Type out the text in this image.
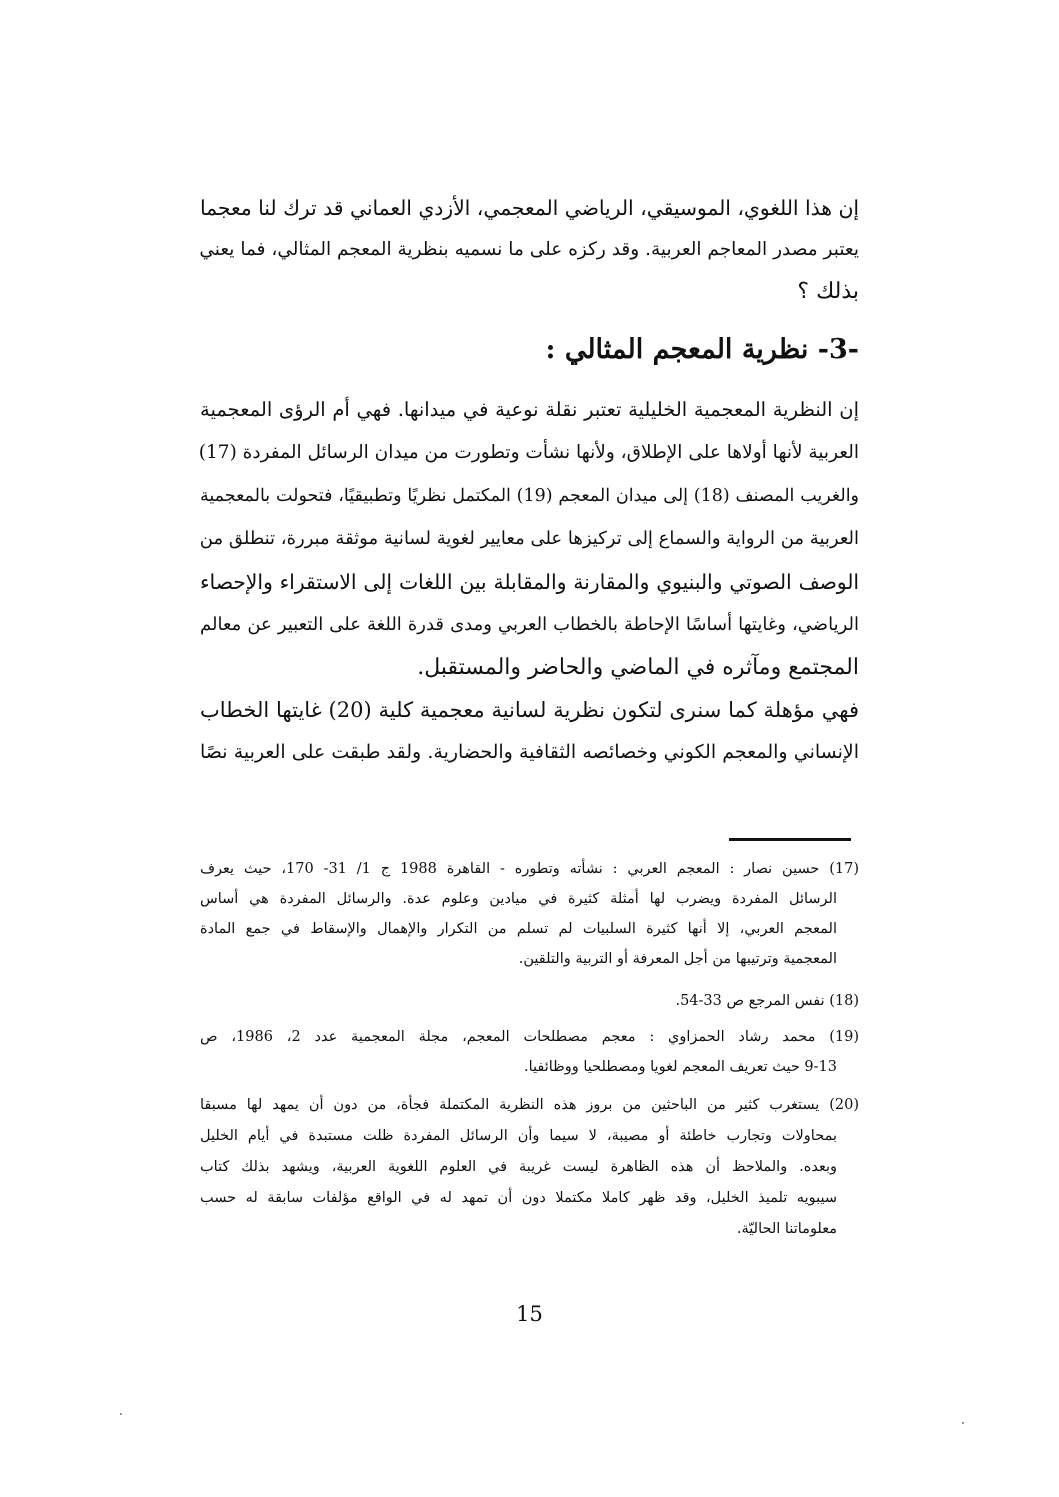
إن هذا اللغوي، الموسيقي، الرياضي المعجمي، الأزدي العماني قد ترك لنا معجما
يعتبر مصدر المعاجم العربية. وقد ركزه على ما نسميه بنظرية المعجم المثالي، فما يعني
بذلك ؟
-3- نظرية المعجم المثالي :
إن النظرية المعجمية الخليلية تعتبر نقلة نوعية في ميدانها. فهي أم الرؤى المعجمية
العربية لأنها أولاها على الإطلاق، ولأنها نشأت وتطورت من ميدان الرسائل المفردة (17)
والغريب المصنف (18) إلى ميدان المعجم (19) المكتمل نظريًا وتطبيقيًا، فتحولت بالمعجمية
العربية من الرواية والسماع إلى تركيزها على معايير لغوية لسانية موثقة مبررة، تنطلق من
الوصف الصوتي والبنيوي والمقارنة والمقابلة بين اللغات إلى الاستقراء والإحصاء
الرياضي، وغايتها أساسًا الإحاطة بالخطاب العربي ومدى قدرة اللغة على التعبير عن معالم
المجتمع ومآثره في الماضي والحاضر والمستقبل.
فهي مؤهلة كما سنرى لتكون نظرية لسانية معجمية كلية (20) غايتها الخطاب
الإنساني والمعجم الكوني وخصائصه الثقافية والحضارية. ولقد طبقت على العربية نصًا
(17) حسين نصار : المعجم العربي : نشأته وتطوره - القاهرة 1988 ج 1/ 31- 170، حيث يعرف
الرسائل المفردة ويضرب لها أمثلة كثيرة في ميادين وعلوم عدة. والرسائل المفردة هي أساس
المعجم العربي، إلا أنها كثيرة السلبيات لم تسلم من التكرار والإهمال والإسقاط في جمع المادة
المعجمية وترتيبها من أجل المعرفة أو التربية والتلقين.
(18) نفس المرجع ص 33-54.
(19) محمد رشاد الحمزاوي : معجم مصطلحات المعجم، مجلة المعجمية عدد 2، 1986، ص
9-13 حيث تعريف المعجم لغويا ومصطلحيا ووظائفيا.
(20) يستغرب كثير من الباحثين من بروز هذه النظرية المكتملة فجأة، من دون أن يمهد لها مسبقا
بمحاولات وتجارب خاطئة أو مصيبة، لا سيما وأن الرسائل المفردة ظلت مستبدة في أيام الخليل
وبعده. والملاحظ أن هذه الظاهرة ليست غريبة في العلوم اللغوية العربية، ويشهد بذلك كتاب
سيبويه تلميذ الخليل، وقد ظهر كاملا مكتملا دون أن تمهد له في الواقع مؤلفات سابقة له حسب
معلوماتنا الحاليّة.
15
